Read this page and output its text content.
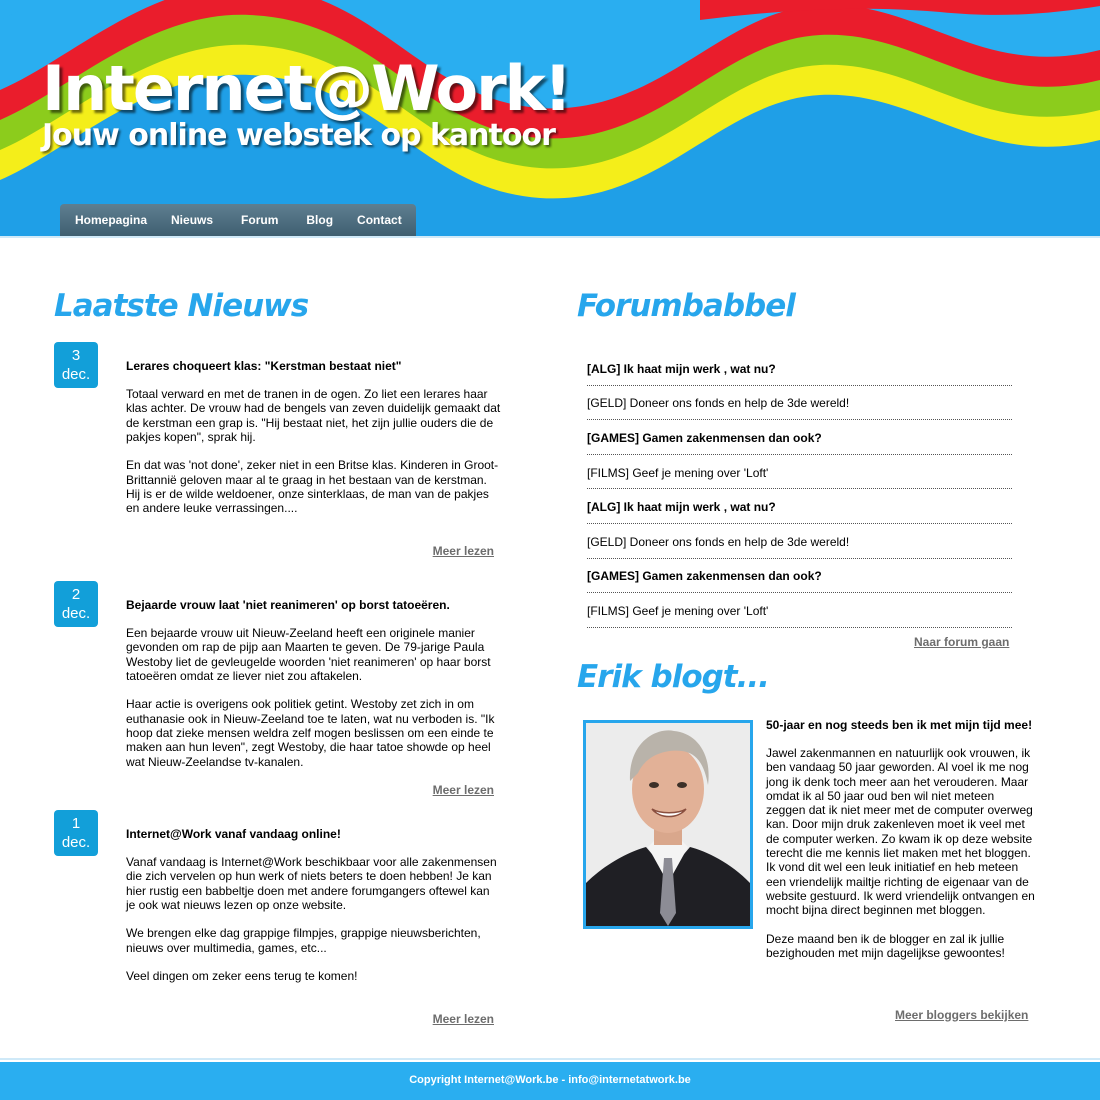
Internet@Work!
Jouw online webstek op kantoor
Homepagina Nieuws Forum Blog Contact
Laatste Nieuws
3
dec.	Lerares choqueert klas: "Kerstman bestaat niet"
Totaal verward en met de tranen in de ogen. Zo liet een lerares haar klas achter. De vrouw had de bengels van zeven duidelijk gemaakt dat de kerstman een grap is. "Hij bestaat niet, het zijn jullie ouders die de pakjes kopen", sprak hij.

En dat was 'not done', zeker niet in een Britse klas. Kinderen in Groot-Brittannië geloven maar al te graag in het bestaan van de kerstman. Hij is er de wilde weldoener, onze sinterklaas, de man van de pakjes en andere leuke verrassingen....
Meer lezen
2
dec.	Bejaarde vrouw laat 'niet reanimeren' op borst tatoeëren.
Een bejaarde vrouw uit Nieuw-Zeeland heeft een originele manier gevonden om rap de pijp aan Maarten te geven. De 79-jarige Paula Westoby liet de gevleugelde woorden 'niet reanimeren' op haar borst tatoeëren omdat ze liever niet zou aftakelen.

Haar actie is overigens ook politiek getint. Westoby zet zich in om euthanasie ook in Nieuw-Zeeland toe te laten, wat nu verboden is. "Ik hoop dat zieke mensen weldra zelf mogen beslissen om een einde te maken aan hun leven", zegt Westoby, die haar tatoe showde op heel wat Nieuw-Zeelandse tv-kanalen.
Meer lezen
1
dec.	Internet@Work vanaf vandaag online!
Vanaf vandaag is Internet@Work beschikbaar voor alle zakenmensen die zich vervelen op hun werk of niets beters te doen hebben! Je kan hier rustig een babbeltje doen met andere forumgangers oftewel kan je ook wat nieuws lezen op onze website.

We brengen elke dag grappige filmpjes, grappige nieuwsberichten, nieuws over multimedia, games, etc...

Veel dingen om zeker eens terug te komen!
Meer lezen
Forumbabbel
[ALG] Ik haat mijn werk , wat nu?
[GELD] Doneer ons fonds en help de 3de wereld!
[GAMES] Gamen zakenmensen dan ook?
[FILMS] Geef je mening over 'Loft'
[ALG] Ik haat mijn werk , wat nu?
[GELD] Doneer ons fonds en help de 3de wereld!
[GAMES] Gamen zakenmensen dan ook?
[FILMS] Geef je mening over 'Loft'
Naar forum gaan
Erik blogt...
50-jaar en nog steeds ben ik met mijn tijd mee!
Jawel zakenmannen en natuurlijk ook vrouwen, ik ben vandaag 50 jaar geworden. Al voel ik me nog jong ik denk toch meer aan het verouderen. Maar omdat ik al 50 jaar oud ben wil niet meteen zeggen dat ik niet meer met de computer overweg kan. Door mijn druk zakenleven moet ik veel met de computer werken. Zo kwam ik op deze website terecht die me kennis liet maken met het bloggen.
Ik vond dit wel een leuk initiatief en heb meteen een vriendelijk mailtje richting de eigenaar van de website gestuurd. Ik werd vriendelijk ontvangen en mocht bijna direct beginnen met bloggen.

Deze maand ben ik de blogger en zal ik jullie bezighouden met mijn dagelijkse gewoontes!
Meer bloggers bekijken
Copyright Internet@Work.be - info@internetatwork.be
